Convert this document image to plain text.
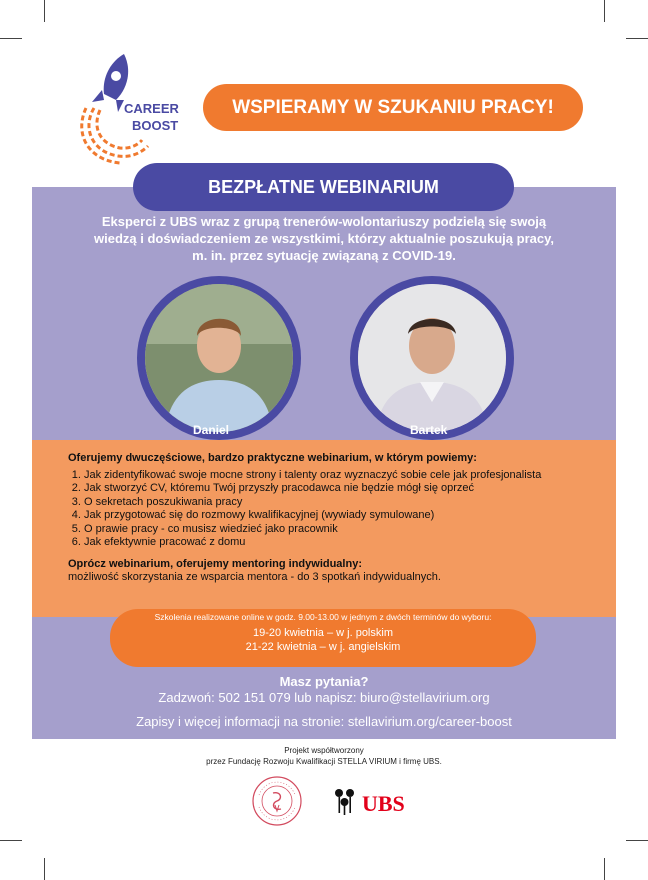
CAREER
BOOST
WSPIERAMY W SZUKANIU PRACY!
BEZPŁATNE WEBINARIUM
Eksperci z UBS wraz z grupą trenerów-wolontariuszy podzielą się swoją
wiedzą i doświadczeniem ze wszystkimi, którzy aktualnie poszukują pracy,
m. in. przez sytuację związaną z COVID-19.
Daniel	Bartek
Oferujemy dwuczęściowe, bardzo praktyczne webinarium, w którym powiemy:
1. Jak zidentyfikować swoje mocne strony i talenty oraz wyznaczyć sobie cele jak profesjonalista
2. Jak stworzyć CV, któremu Twój przyszły pracodawca nie będzie mógł się oprzeć
3. O sekretach poszukiwania pracy
4. Jak przygotować się do rozmowy kwalifikacyjnej (wywiady symulowane)
5. O prawie pracy - co musisz wiedzieć jako pracownik
6. Jak efektywnie pracować z domu
Oprócz webinarium, oferujemy mentoring indywidualny:
możliwość skorzystania ze wsparcia mentora - do 3 spotkań indywidualnych.
Szkolenia realizowane online w godz. 9.00-13.00 w jednym z dwóch terminów do wyboru:
19-20 kwietnia – w j. polskim
21-22 kwietnia – w j. angielskim
Masz pytania?
Zadzwoń: 502 151 079 lub napisz: biuro@stellavirium.org
Zapisy i więcej informacji na stronie: stellavirium.org/career-boost
Projekt współtworzony
przez Fundację Rozwoju Kwalifikacji STELLA VIRIUM i firmę UBS.
UBS
